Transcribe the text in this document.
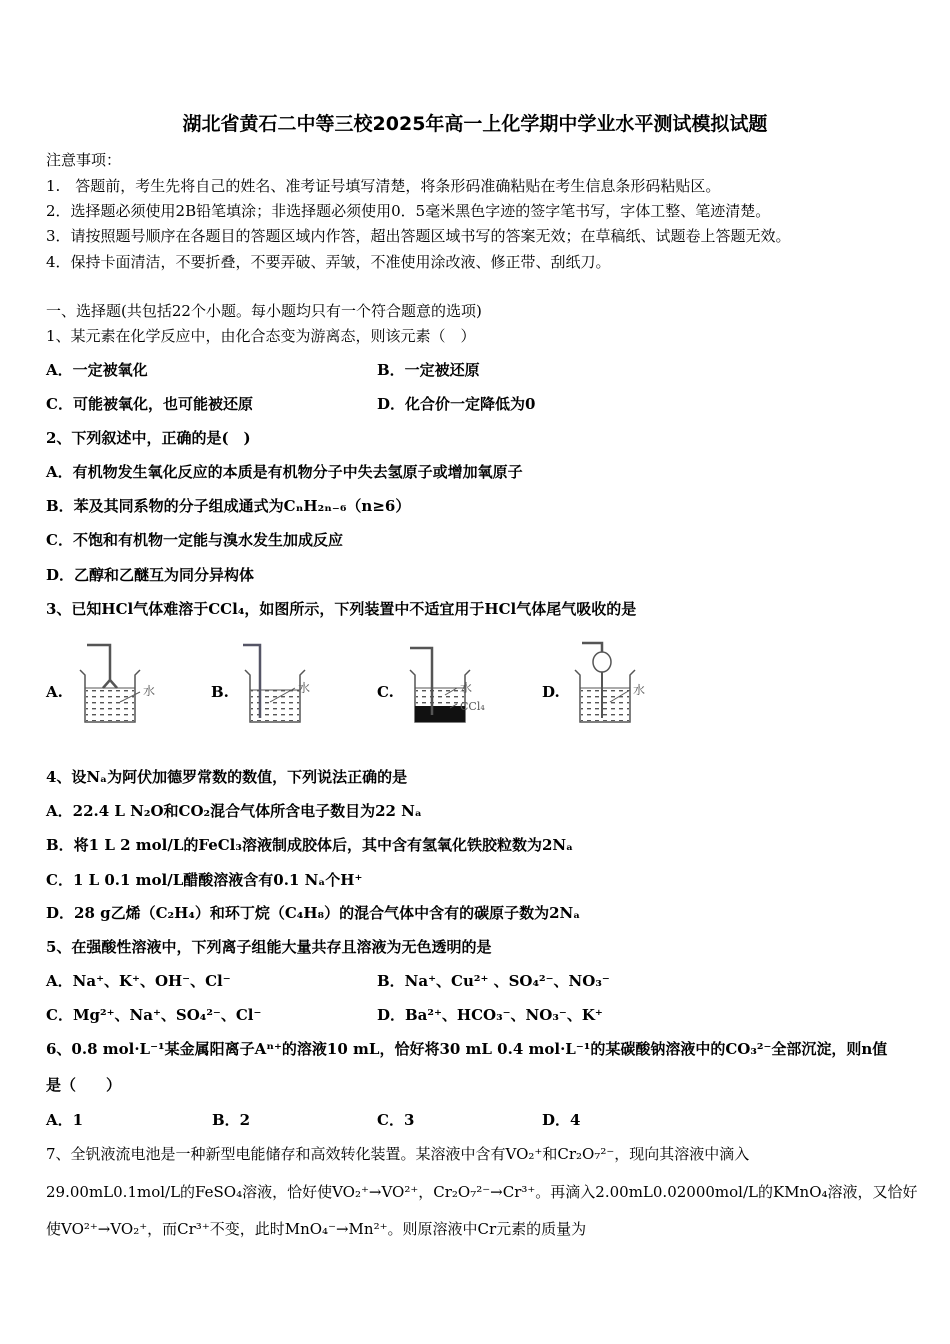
湖北省黄石二中等三校2025年高一上化学期中学业水平测试模拟试题
注意事项：
1.　答题前，考生先将自己的姓名、准考证号填写清楚，将条形码准确粘贴在考生信息条形码粘贴区。
2．选择题必须使用2B铅笔填涂；非选择题必须使用0．5毫米黑色字迹的签字笔书写，字体工整、笔迹清楚。
3．请按照题号顺序在各题目的答题区域内作答，超出答题区域书写的答案无效；在草稿纸、试题卷上答题无效。
4．保持卡面清洁，不要折叠，不要弄破、弄皱，不准使用涂改液、修正带、刮纸刀。
一、选择题(共包括22个小题。每小题均只有一个符合题意的选项)
1、某元素在化学反应中，由化合态变为游离态，则该元素（　）
A．一定被氧化	B．一定被还原
C．可能被氧化，也可能被还原	D．化合价一定降低为0
2、下列叙述中，正确的是(　)
A．有机物发生氧化反应的本质是有机物分子中失去氢原子或增加氧原子
B．苯及其同系物的分子组成通式为CₙH₂ₙ₋₆（n≥6）
C．不饱和有机物一定能与溴水发生加成反应
D．乙醇和乙醚互为同分异构体
3、已知HCl气体难溶于CCl₄，如图所示，下列装置中不适宜用于HCl气体尾气吸收的是
A.	B.	C.	D.
水	水	水
CCl₄
水
4、设Nₐ为阿伏加德罗常数的数值，下列说法正确的是
A．22.4 L N₂O和CO₂混合气体所含电子数目为22 Nₐ
B．将1 L 2 mol/L的FeCl₃溶液制成胶体后，其中含有氢氧化铁胶粒数为2Nₐ
C．1 L 0.1 mol/L醋酸溶液含有0.1 Nₐ个H⁺
D．28 g乙烯（C₂H₄）和环丁烷（C₄H₈）的混合气体中含有的碳原子数为2Nₐ
5、在强酸性溶液中，下列离子组能大量共存且溶液为无色透明的是
A．Na⁺、K⁺、OH⁻、Cl⁻	B．Na⁺、Cu²⁺ 、SO₄²⁻、NO₃⁻
C．Mg²⁺、Na⁺、SO₄²⁻、Cl⁻	D．Ba²⁺、HCO₃⁻、NO₃⁻、K⁺
6、0.8 mol·L⁻¹某金属阳离子Aⁿ⁺的溶液10 mL，恰好将30 mL 0.4 mol·L⁻¹的某碳酸钠溶液中的CO₃²⁻全部沉淀，则n值
是（　　）
A．1	B．2	C．3	D．4
7、全钒液流电池是一种新型电能储存和高效转化装置。某溶液中含有VO₂⁺和Cr₂O₇²⁻，现向其溶液中滴入
29.00mL0.1mol/L的FeSO₄溶液，恰好使VO₂⁺→VO²⁺，Cr₂O₇²⁻→Cr³⁺。再滴入2.00mL0.02000mol/L的KMnO₄溶液，又恰好
使VO²⁺→VO₂⁺，而Cr³⁺不变，此时MnO₄⁻→Mn²⁺。则原溶液中Cr元素的质量为
